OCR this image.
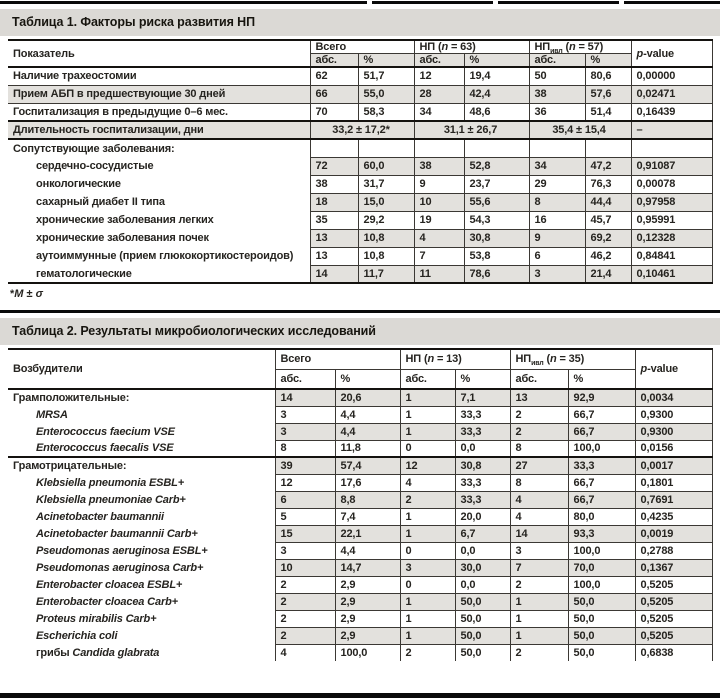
Таблица 1. Факторы риска развития НП
Показатель	Всего		НП (n = 63)		$НП_{ивл}$ (n = 57)		p-value
	абс.	%	абс.	%	абс.	%	
Наличие трахеостомии	62	51,7	12	19,4	50	80,6	0,00000
Прием АБП в предшествующие 30 дней	66	55,0	28	42,4	38	57,6	0,02471
Госпитализация в предыдущие 0–6 мес.	70	58,3	34	48,6	36	51,4	0,16439
Длительность госпитализации, дни	33,2 ± 17,2*		31,1 ± 26,7		35,4 ± 15,4		–
Сопутствующие заболевания:							
сердечно-сосудистые	72	60,0	38	52,8	34	47,2	0,91087
онкологические	38	31,7	9	23,7	29	76,3	0,00078
сахарный диабет II типа	18	15,0	10	55,6	8	44,4	0,97958
хронические заболевания легких	35	29,2	19	54,3	16	45,7	0,95991
хронические заболевания почек	13	10,8	4	30,8	9	69,2	0,12328
аутоиммунные (прием глюкокортикостероидов)	13	10,8	7	53,8	6	46,2	0,84841
гематологические	14	11,7	11	78,6	3	21,4	0,10461
*M ± σ
Таблица 2. Результаты микробиологических исследований
Возбудители	Всего		НП (n = 13)		$НП_{ивл}$ (n = 35)		p-value
	абс.	%	абс.	%	абс.	%	
Грамположительные:	14	20,6	1	7,1	13	92,9	0,0034
MRSA	3	4,4	1	33,3	2	66,7	0,9300
Enterococcus faecium VSE	3	4,4	1	33,3	2	66,7	0,9300
Enterococcus faecalis VSE	8	11,8	0	0,0	8	100,0	0,0156
Грамотрицательные:	39	57,4	12	30,8	27	33,3	0,0017
Klebsiella pneumonia ESBL+	12	17,6	4	33,3	8	66,7	0,1801
Klebsiella pneumoniae Carb+	6	8,8	2	33,3	4	66,7	0,7691
Acinetobacter baumannii	5	7,4	1	20,0	4	80,0	0,4235
Acinetobacter baumannii Carb+	15	22,1	1	6,7	14	93,3	0,0019
Pseudomonas aeruginosa ESBL+	3	4,4	0	0,0	3	100,0	0,2788
Pseudomonas aeruginosa Carb+	10	14,7	3	30,0	7	70,0	0,1367
Enterobacter cloacea ESBL+	2	2,9	0	0,0	2	100,0	0,5205
Enterobacter cloacea Carb+	2	2,9	1	50,0	1	50,0	0,5205
Proteus mirabilis Carb+	2	2,9	1	50,0	1	50,0	0,5205
Escherichia coli	2	2,9	1	50,0	1	50,0	0,5205
грибы Candida glabrata	4	100,0	2	50,0	2	50,0	0,6838
